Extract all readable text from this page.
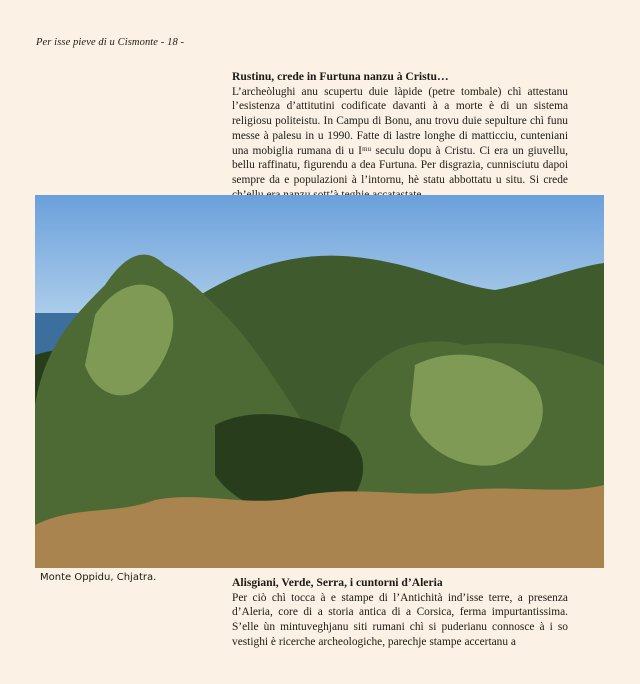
Per isse pieve di u Cismonte - 18 -

Rustinu, crede in Furtuna nanzu à Cristu…

L’archeòlughi anu scupertu duie làpide (petre tombale) chì attestanu l’esistenza d’attitutini codificate davanti à a morte è di un sistema religiosu politeistu. In Campu di Bonu, anu trovu duie sepulture chì funu messe à palesu in u 1990. Fatte di lastre longhe di matticciu, cunteniani una mobiglia rumana di u Iᵐᵘ seculu dopu à Cristu. Ci era un giuvellu, bellu raffinatu, figurendu a dea Furtuna. Per disgrazia, cunnisciutu dapoi sempre da e populazioni à l’intornu, hè statu abbottatu u situ. Si crede

Monte Oppidu, Chjatra.	Alisgiani, Verde, Serra, i cuntorni d’Aleria

Per ciò chì tocca à e stampe di l’Antichità ind’isse terre, a presenza d’Aleria, core di a storia antica di a Corsica, ferma impurtantissima. S’elle ùn mintuveghjanu siti rumani chì si puderianu connosce à i so vestighi è ricerche archeologiche, parechje stampe accertanu a
